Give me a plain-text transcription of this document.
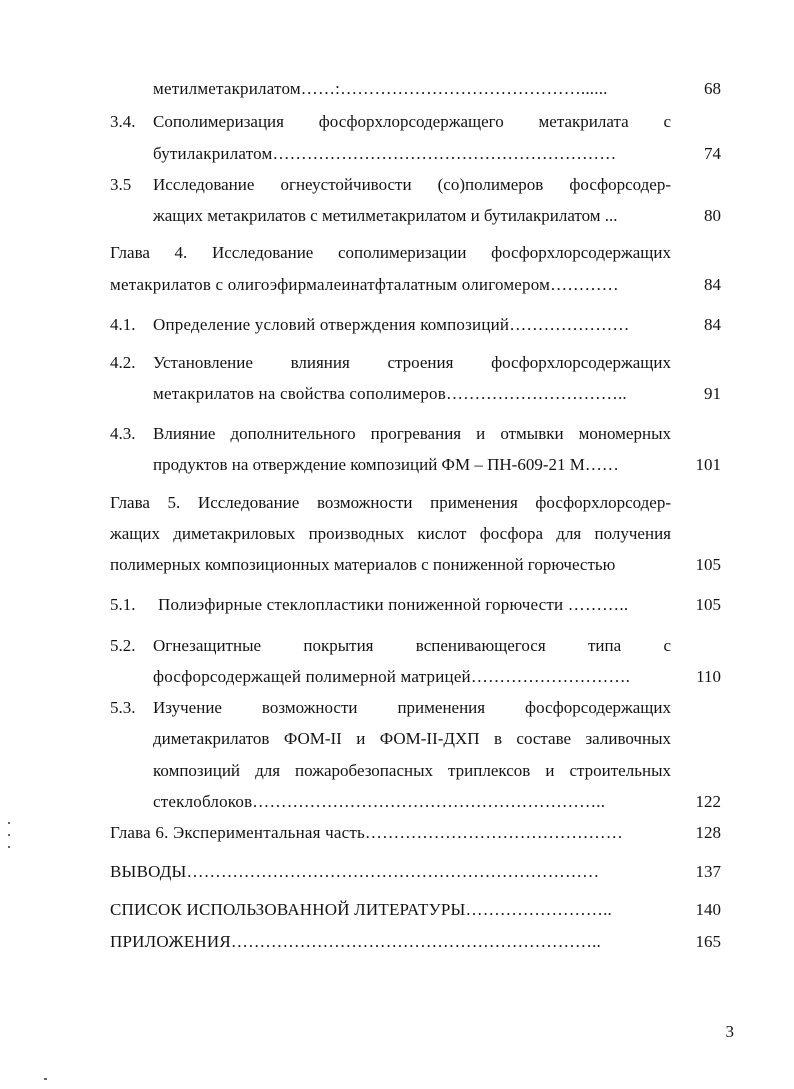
метилметакрилатом……:……………………………………......	68
3.4. Сополимеризация фосфорхлорсодержащего метакрилата с
бутилакрилатом……………………………………………………	74
3.5 Исследование огнеустойчивости (со)полимеров фосфорсодер-
жащих метакрилатов с метилметакрилатом и бутилакрилатом ...	80
Глава 4. Исследование сополимеризации фосфорхлорсодержащих
метакрилатов с олигоэфирмалеинатфталатным олигомером…………	84
4.1. Определение условий отверждения композиций…………………	84
4.2. Установление влияния строения фосфорхлорсодержащих
метакрилатов на свойства сополимеров…………………………..	91
4.3. Влияние дополнительного прогревания и отмывки мономерных
продуктов на отверждение композиций ФМ – ПН-609-21 М……	101
Глава 5. Исследование возможности применения фосфорхлорсодер-
жащих диметакриловых производных кислот фосфора для получения
полимерных композиционных материалов с пониженной горючестью	105
5.1. Полиэфирные стеклопластики пониженной горючести ………..	105
5.2. Огнезащитные покрытия вспенивающегося типа с
фосфорсодержащей полимерной матрицей……………………….	110
5.3. Изучение возможности применения фосфорсодержащих
диметакрилатов ФОМ-II и ФОМ-II-ДХП в составе заливочных
композиций для пожаробезопасных триплексов и строительных
стеклоблоков……………………………………………………..	122
Глава 6. Экспериментальная часть………………………………………	128
ВЫВОДЫ………………………………………………………………	137
СПИСОК ИСПОЛЬЗОВАННОЙ ЛИТЕРАТУРЫ……………………..	140
ПРИЛОЖЕНИЯ………………………………………………………..	165
3
